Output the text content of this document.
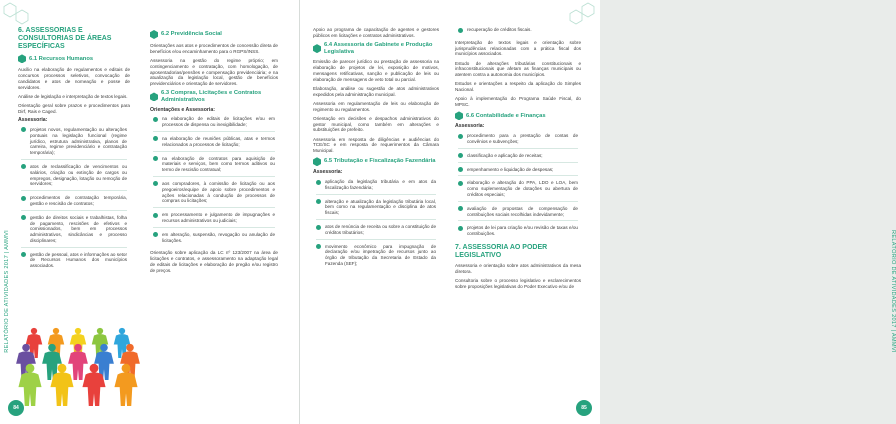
RELATÓRIO DE ATIVIDADES 2017 | AMMVI
6. ASSESSORIAS E CONSULTORIAS DE ÁREAS ESPECÍFICAS
6.1 Recursos Humanos

Auxílio na elaboração de regulamentos e editais de concursos processos seletivos, convocação de candidatos e atos de nomeação e posse de servidores.

Análise de legislação e interpretação de textos legais.

Orientação geral sobre prazos e procedimentos para Dirf, Rais e Caged.

Assessoria:
projetos novos, regulamentação ou alterações pontuais na legislação funcional (regime jurídico, estrutura administrativa, planos de carreira, regime previdenciário e contratação temporária);
atos de reclassificação de vencimentos ou salários, criação ou extinção de cargos ou empregos, designação, lotação ou remoção de servidores;
procedimentos de contratação temporária, gestão e rescisão de contratos;
gestão de direitos sociais e trabalhistas, folha de pagamento, rescisões de efetivos e comissionados, bem em processos administrativos, sindicâncias e processo disciplinares;
gestão de pessoal, atos e informações ao setor de Recursos Humanos dos municípios associados.
6.2 Previdência Social

Orientações aos atos e procedimentos de concessão direta de benefícios e/ou encaminhamento para o RGPS/INSS.

Assessoria na gestão do regime próprio; em contingenciamento e contratação, com homologação, de aposentadorias/pensões e compensação previdenciária; e na atualização da legislação local, gestão de benefícios previdenciários e orientação de servidores.

6.3 Compras, Licitações e Contratos Administrativos
Orientações e Assessoria:
na elaboração de editais de licitações e/ou em processos de dispensa ou inexigibilidade;
na elaboração de reuniões públicas, atas e termos relacionados a processos de licitação;
na elaboração de contratos para aquisição de materiais e serviços, bem como termos aditivos ou termo de rescisão contratual;
aos compradores, à comissão de licitação ou aos pregoeiros/equipe de apoio sobre procedimentos e ações relacionadas à condução de processos de compras ou licitações;
em processamento e julgamento de impugnações e recursos administrativos ou judiciais;
em alteração, suspensão, revogação ou anulação de licitações.

Orientação sobre aplicação da LC nº 123/2007 na área de licitações e contratos, e assessoramento na adaptação legal de editais de licitações e elaboração de pregão e/ou registro de preços.

84

Apoio ao programa de capacitação de agentes e gestores públicos em licitações e contratos administrativos.

6.4 Assessoria de Gabinete e Produção Legislativa

Emissão de parecer jurídico ou prestação de assessoria na elaboração de projetos de lei, exposição de motivos, mensagens retificativas, sanção e publicação de leis ou elaboração de mensagens de veto total ou parcial.

Elaboração, análise ou sugestão de atos administrativos expedidos pela administração municipal.

Assessoria em regulamentação de leis ou elaboração de regimento ou regulamentos.

Orientação em decisões e despachos administrativos do gestor municipal, como também em alterações e substituições de prefeito.

Assessoria em resposta de diligências e audiências do TCE/SC e em resposta de requerimentos da Câmara Municipal.

6.5 Tributação e Fiscalização Fazendária
Assessoria:
aplicação da legislação tributária e em atos da fiscalização fazendária;
alteração e atualização da legislação tributária local, bem como na regulamentação e disciplina de atos fiscais;
atos de renúncia de receita ou sobre a constituição de créditos tributários;
movimento econômico para impugnação de declaração e/ou impetração de recursos junto ao órgão de tributação da Secretaria de Estado da Fazenda (SEF);
recuperação de créditos fiscais.

Interpretação de textos legais e orientação sobre jurisprudências relacionadas com a prática fiscal dos municípios associados.

Estudo de alterações tributárias constitucionais e infraconstitucionais que afetam as finanças municipais ou atentem contra a autonomia dos municípios.

Estudos e orientações a respeito da aplicação do Simples Nacional.

Apoio à implementação do Programa Saúde Fiscal, do MPSC.

6.6 Contabilidade e Finanças
Assessoria:
procedimento para a prestação de contas de convênios e subvenções;
classificação e aplicação de receitas;
empenhamento e liquidação de despesas;
elaboração e alteração do PPA, LDO e LOA, bem como suplementação de dotações ou abertura de créditos especiais;
avaliação de propostas de compensação de contribuições sociais recolhidas indevidamente;
projetos de lei para criação e/ou revisão de taxas e/ou contribuições.
7. ASSESSORIA AO PODER LEGISLATIVO

Assessoria e orientação sobre atos administrativos da mesa diretora.

Consultoria sobre o processo legislativo e esclarecimentos sobre proposições legislativas do Poder Executivo e/ou de	RELATÓRIO DE ATIVIDADES 2017 | AMMVI
85
